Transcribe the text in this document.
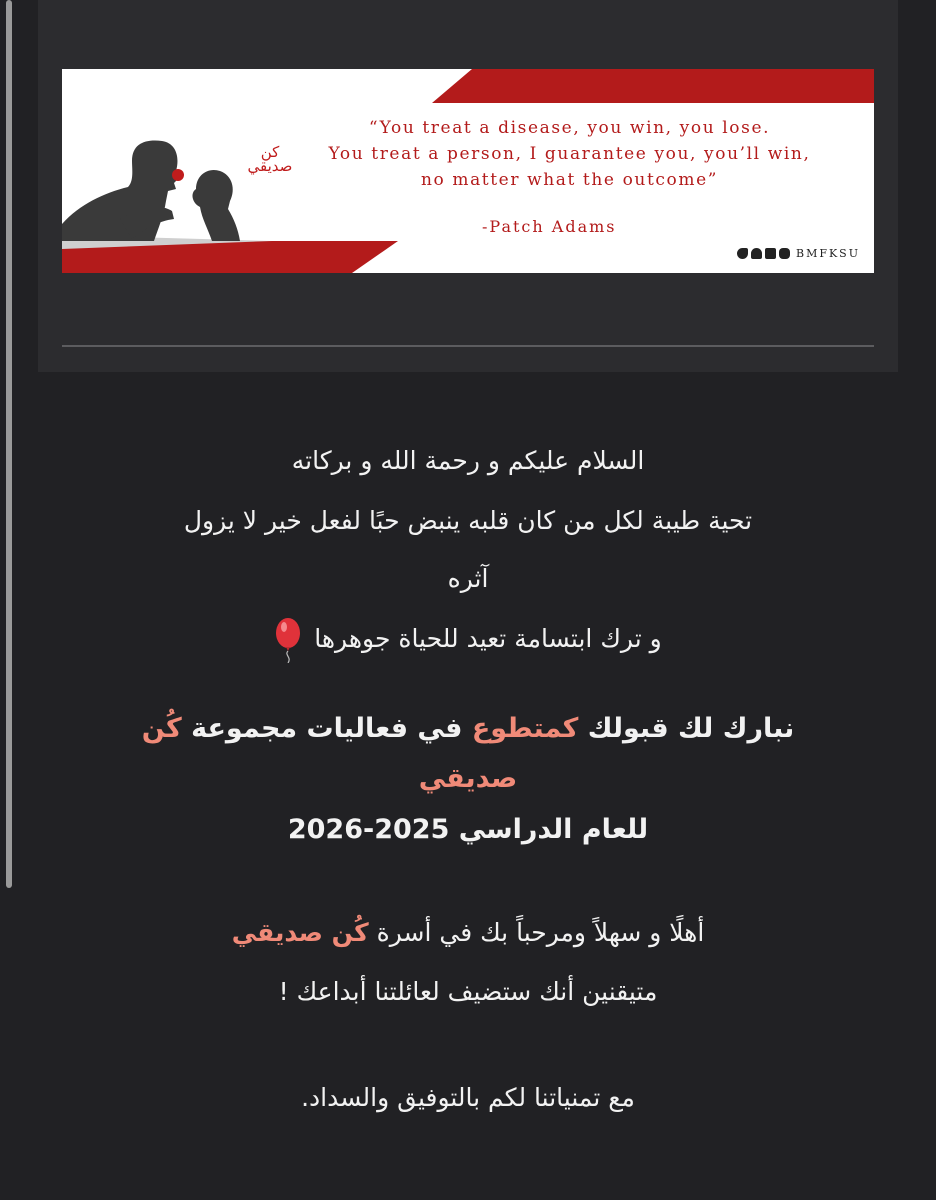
كن
صديقي
“You treat a disease, you win, you lose.
You treat a person, I guarantee you, you’ll win,
no matter what the outcome”
-Patch Adams
BMFKSU
السلام عليكم و رحمة الله و بركاته
تحية طيبة لكل من كان قلبه ينبض حبًا لفعل خير لا يزول
آثره
و ترك ابتسامة تعيد للحياة جوهرها
نبارك لك قبولك كمتطوع في فعاليات مجموعة كُن
صديقي
للعام الدراسي 2025-2026
أهلًا و سهلاً ومرحباً بك في أسرة كُن صديقي
متيقنين أنك ستضيف لعائلتنا أبداعك !
مع تمنياتنا لكم بالتوفيق والسداد.
